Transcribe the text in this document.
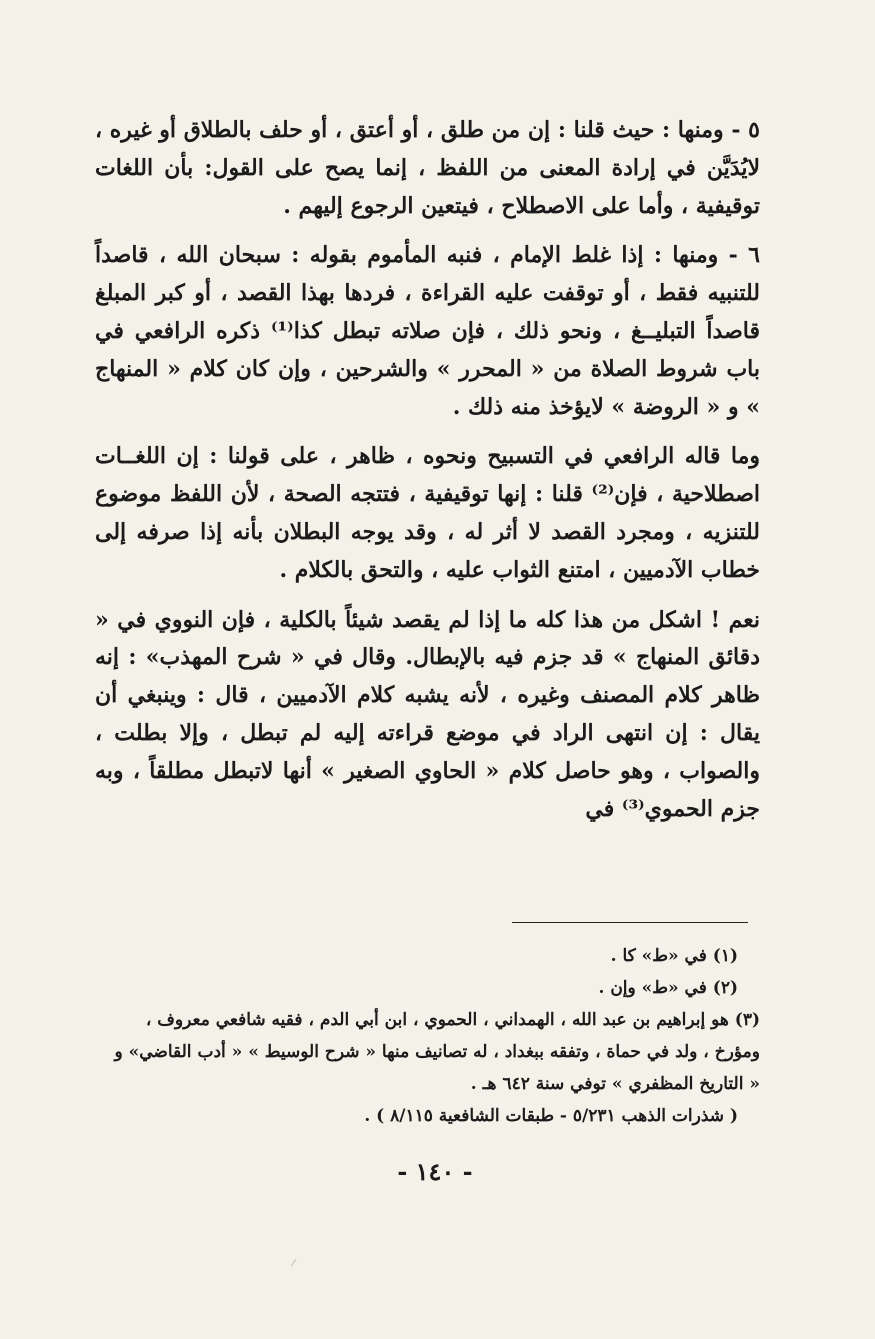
٥ - ومنها : حيث قلنا : إن من طلق ، أو أعتق ، أو حلف بالطلاق أو غيره ، لايُدَيَّن في إرادة المعنى من اللفظ ، إنما يصح على القول: بأن اللغات توقيفية ، وأما على الاصطلاح ، فيتعين الرجوع إليهم .

٦ - ومنها : إذا غلط الإمام ، فنبه المأموم بقوله : سبحان الله ، قاصداً للتنبيه فقط ، أو توقفت عليه القراءة ، فردها بهذا القصد ، أو كبر المبلغ قاصداً التبليــغ ، ونحو ذلك ، فإن صلاته تبطل كذا⁽¹⁾ ذكره الرافعي في باب شروط الصلاة من « المحرر » والشرحين ، وإن كان كلام « المنهاج » و « الروضة » لايؤخذ منه ذلك .

وما قاله الرافعي في التسبيح ونحوه ، ظاهر ، على قولنا : إن اللغــات اصطلاحية ، فإن⁽²⁾ قلنا : إنها توقيفية ، فتتجه الصحة ، لأن اللفظ موضوع للتنزيه ، ومجرد القصد لا أثر له ، وقد يوجه البطلان بأنه إذا صرفه إلى خطاب الآدميين ، امتنع الثواب عليه ، والتحق بالكلام .

نعم ! اشكل من هذا كله ما إذا لم يقصد شيئاً بالكلية ، فإن النووي في « دقائق المنهاج » قد جزم فيه بالإبطال. وقال في « شرح المهذب» : إنه ظاهر كلام المصنف وغيره ، لأنه يشبه كلام الآدميين ، قال : وينبغي أن يقال : إن انتهى الراد في موضع قراءته إليه لم تبطل ، وإلا بطلت ، والصواب ، وهو حاصل كلام « الحاوي الصغير » أنها لاتبطل مطلقاً ، وبه جزم الحموي⁽³⁾ في

(١) في «ط» كا .

(٢) في «ط» وإن .

(٣) هو إبراهيم بن عبد الله ، الهمداني ، الحموي ، ابن أبي الدم ، فقيه شافعي معروف ، ومؤرخ ، ولد في حماة ، وتفقه ببغداد ، له تصانيف منها « شرح الوسيط » « أدب القاضي» و « التاريخ المظفري » توفي سنة ٦٤٢ هـ .

( شذرات الذهب ٥/٢٣١ - طبقات الشافعية ٨/١١٥ ) .

- ١٤٠ -
